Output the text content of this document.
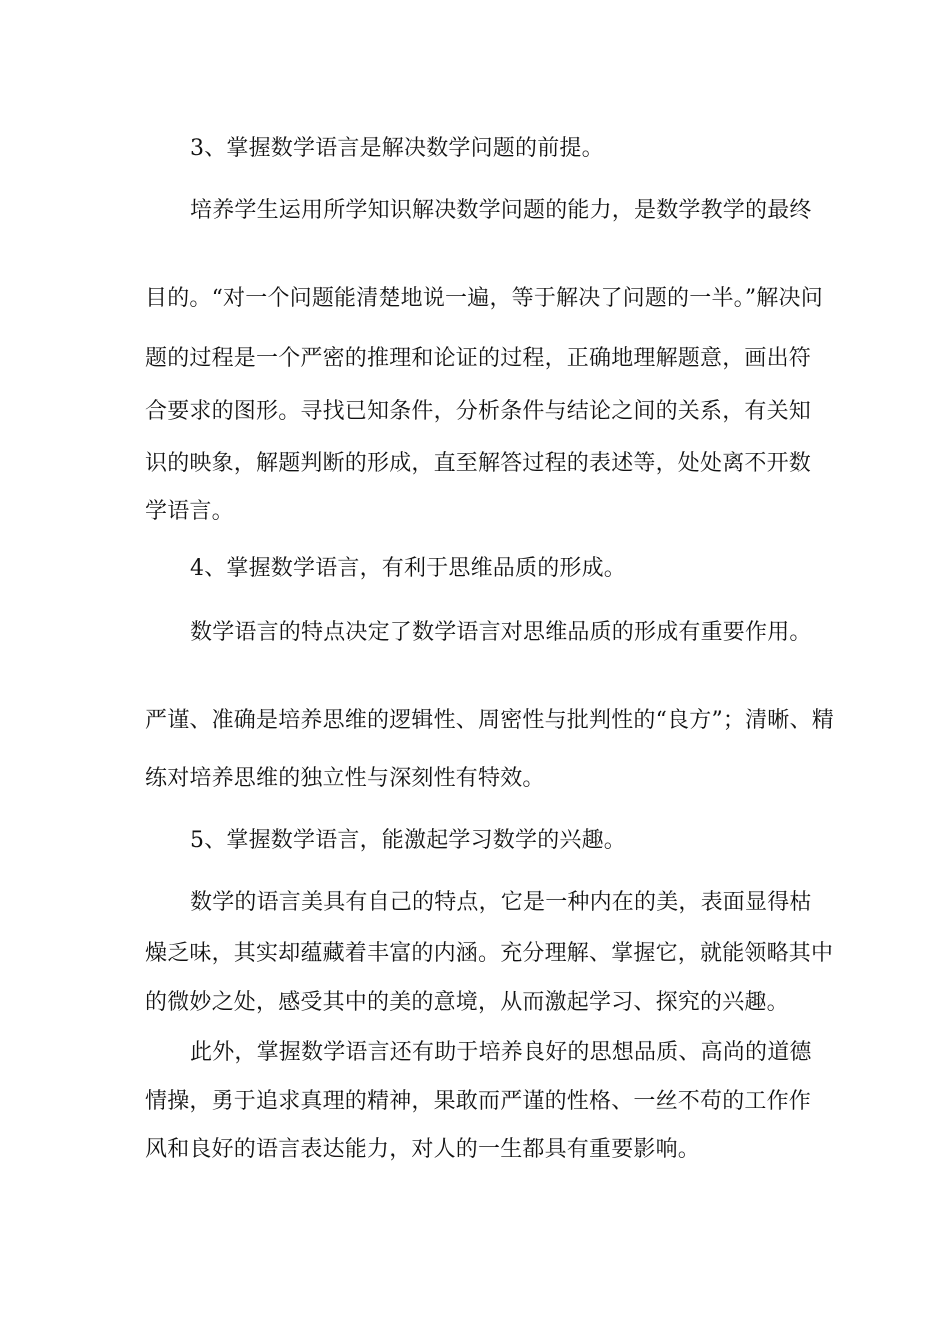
3、掌握数学语言是解决数学问题的前提。
培养学生运用所学知识解决数学问题的能力，是数学教学的最终
目的。“对一个问题能清楚地说一遍，等于解决了问题的一半。”解决问
题的过程是一个严密的推理和论证的过程，正确地理解题意，画出符
合要求的图形。寻找已知条件，分析条件与结论之间的关系，有关知
识的映象，解题判断的形成，直至解答过程的表述等，处处离不开数
学语言。
4、掌握数学语言，有利于思维品质的形成。
数学语言的特点决定了数学语言对思维品质的形成有重要作用。
严谨、准确是培养思维的逻辑性、周密性与批判性的“良方”；清晰、精
练对培养思维的独立性与深刻性有特效。
5、掌握数学语言，能激起学习数学的兴趣。
数学的语言美具有自己的特点，它是一种内在的美，表面显得枯
燥乏味，其实却蕴藏着丰富的内涵。充分理解、掌握它，就能领略其中
的微妙之处，感受其中的美的意境，从而激起学习、探究的兴趣。
此外，掌握数学语言还有助于培养良好的思想品质、高尚的道德
情操，勇于追求真理的精神，果敢而严谨的性格、一丝不苟的工作作
风和良好的语言表达能力，对人的一生都具有重要影响。
